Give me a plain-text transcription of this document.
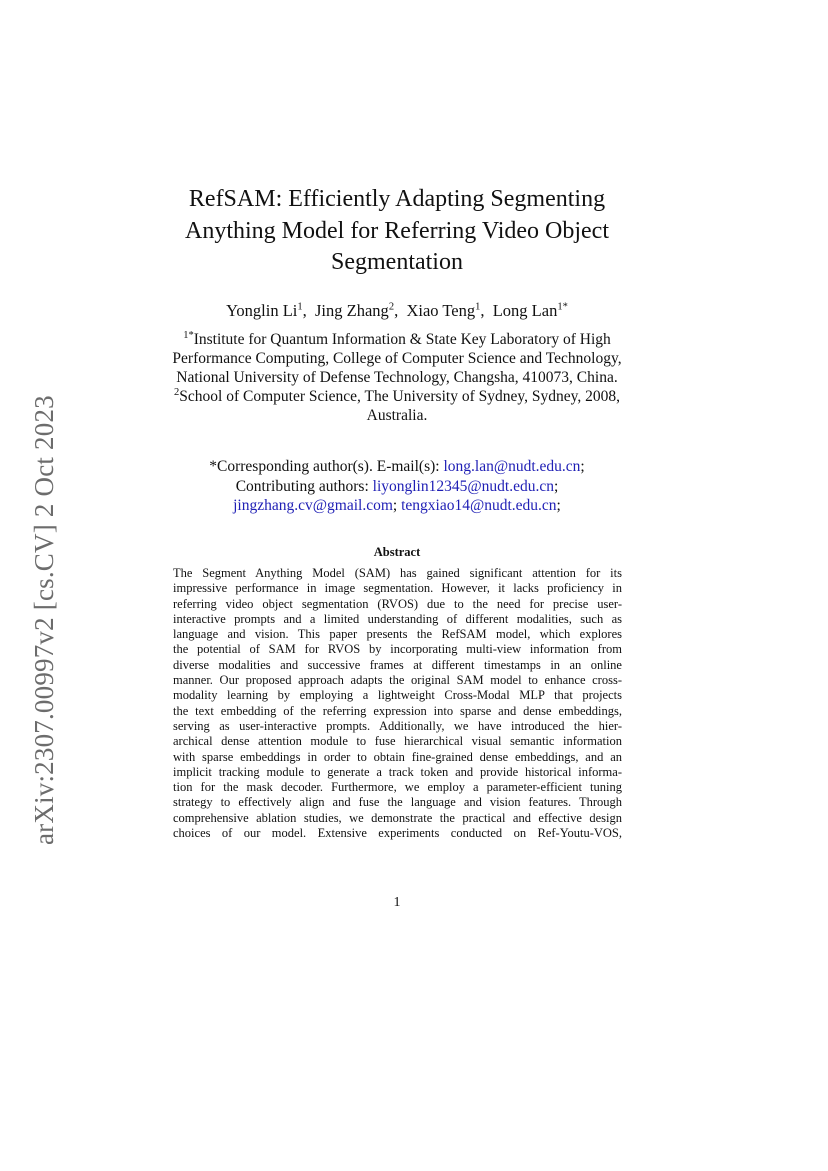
arXiv:2307.00997v2 [cs.CV] 2 Oct 2023
RefSAM: Efficiently Adapting Segmenting
Anything Model for Referring Video Object
Segmentation
Yonglin Li$^1$,  Jing Zhang$^2$,  Xiao Teng$^1$,  Long Lan$^{1*}$
$^{1*}$Institute for Quantum Information & State Key Laboratory of High
Performance Computing, College of Computer Science and Technology,
National University of Defense Technology, Changsha, 410073, China.
$^2$School of Computer Science, The University of Sydney, Sydney, 2008,
Australia.
*Corresponding author(s). E-mail(s): long.lan@nudt.edu.cn;
Contributing authors: liyonglin12345@nudt.edu.cn;
jingzhang.cv@gmail.com; tengxiao14@nudt.edu.cn;
Abstract
The Segment Anything Model (SAM) has gained significant attention for its
impressive performance in image segmentation. However, it lacks proficiency in
referring video object segmentation (RVOS) due to the need for precise user-
interactive prompts and a limited understanding of different modalities, such as
language and vision. This paper presents the RefSAM model, which explores
the potential of SAM for RVOS by incorporating multi-view information from
diverse modalities and successive frames at different timestamps in an online
manner. Our proposed approach adapts the original SAM model to enhance cross-
modality learning by employing a lightweight Cross-Modal MLP that projects
the text embedding of the referring expression into sparse and dense embeddings,
serving as user-interactive prompts. Additionally, we have introduced the hier-
archical dense attention module to fuse hierarchical visual semantic information
with sparse embeddings in order to obtain fine-grained dense embeddings, and an
implicit tracking module to generate a track token and provide historical informa-
tion for the mask decoder. Furthermore, we employ a parameter-efficient tuning
strategy to effectively align and fuse the language and vision features. Through
comprehensive ablation studies, we demonstrate the practical and effective design
choices of our model. Extensive experiments conducted on Ref-Youtu-VOS,
1
